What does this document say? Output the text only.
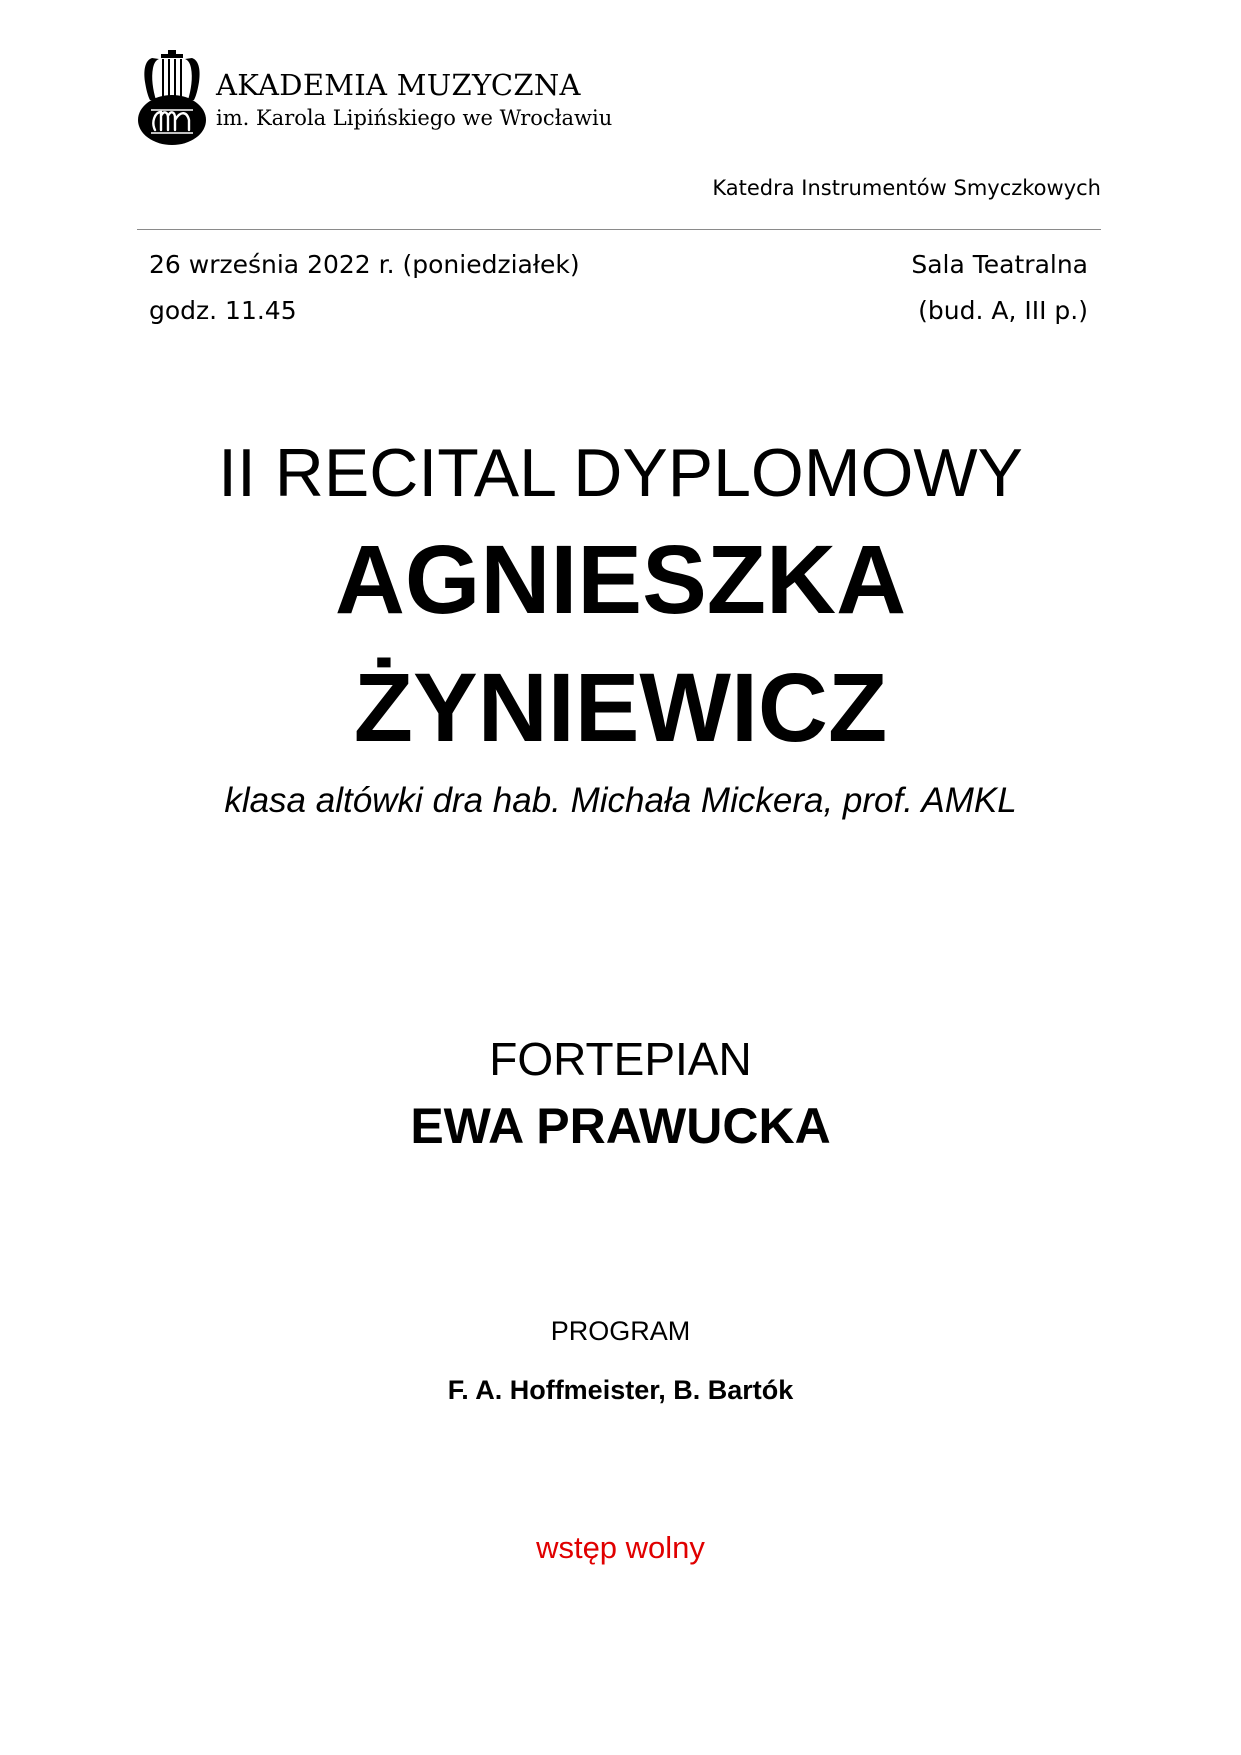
AKADEMIA MUZYCZNA
im. Karola Lipińskiego we Wrocławiu
Katedra Instrumentów Smyczkowych
26 września 2022 r. (poniedziałek)
godz. 11.45
Sala Teatralna
(bud. A, III p.)
II RECITAL DYPLOMOWY
AGNIESZKA
ŻYNIEWICZ
klasa altówki dra hab. Michała Mickera, prof. AMKL
FORTEPIAN
EWA PRAWUCKA
PROGRAM
F. A. Hoffmeister, B. Bartók
wstęp wolny
